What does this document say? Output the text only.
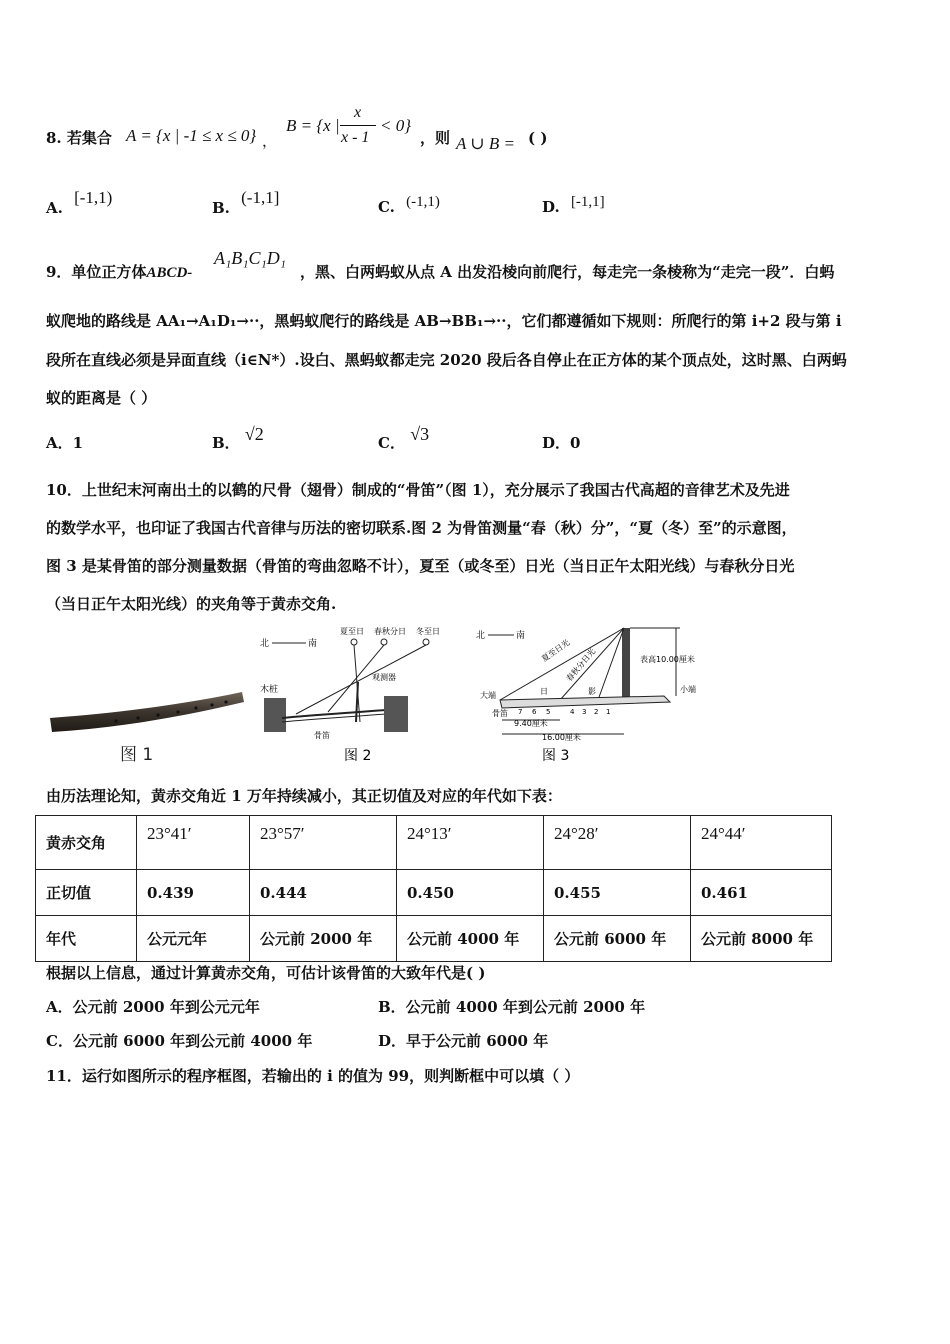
8. 若集合 A = {x | -1 ≤ x ≤ 0} ，
B = {x |
x
x - 1
< 0}
，则 A ∪ B = ( )
A. [-1,1)
B. (-1,1]	C. (-1,1)	D. [-1,1]
9．单位正方体ABCD-
A₁B₁C₁D₁
，黑、白两蚂蚁从点 A 出发沿棱向前爬行，每走完一条棱称为“走完一段”．白蚂
蚁爬地的路线是 AA₁→A₁D₁→··，黑蚂蚁爬行的路线是 AB→BB₁→··，它们都遵循如下规则：所爬行的第 i+2 段与第 i
段所在直线必须是异面直线（i∈N*）.设白、黑蚂蚁都走完 2020 段后各自停止在正方体的某个顶点处，这时黑、白两蚂
蚁的距离是（ ）
A．1	B． √2	C． √3	D．0
10．上世纪末河南出土的以鹤的尺骨（翅骨）制成的“骨笛”（图 1），充分展示了我国古代高超的音律艺术及先进
的数学水平，也印证了我国古代音律与历法的密切联系.图 2 为骨笛测量“春（秋）分”，“夏（冬）至”的示意图，
图 3 是某骨笛的部分测量数据（骨笛的弯曲忽略不计），夏至（或冬至）日光（当日正午太阳光线）与春秋分日光
（当日正午太阳光线）的夹角等于黄赤交角.
图 1
北	南
夏至日 春秋分日 冬至日
木桩
观测器
骨笛
图 2
北	南
表高10.00厘米
夏至日光
春秋分日光
大端
小端
日	影
骨笛 7 6 5	4 3 2 1
9.40厘米
16.00厘米
图 3
由历法理论知，黄赤交角近 1 万年持续减小，其正切值及对应的年代如下表：
黄赤交角	23°41′	23°57′	24°13′	24°28′	24°44′
正切值	0.439	0.444	0.450	0.455	0.461
年代	公元元年	公元前 2000 年	公元前 4000 年	公元前 6000 年	公元前 8000 年
根据以上信息，通过计算黄赤交角，可估计该骨笛的大致年代是( )
A．公元前 2000 年到公元元年	B．公元前 4000 年到公元前 2000 年
C．公元前 6000 年到公元前 4000 年	D．早于公元前 6000 年
11．运行如图所示的程序框图，若输出的 i 的值为 99，则判断框中可以填（ ）
